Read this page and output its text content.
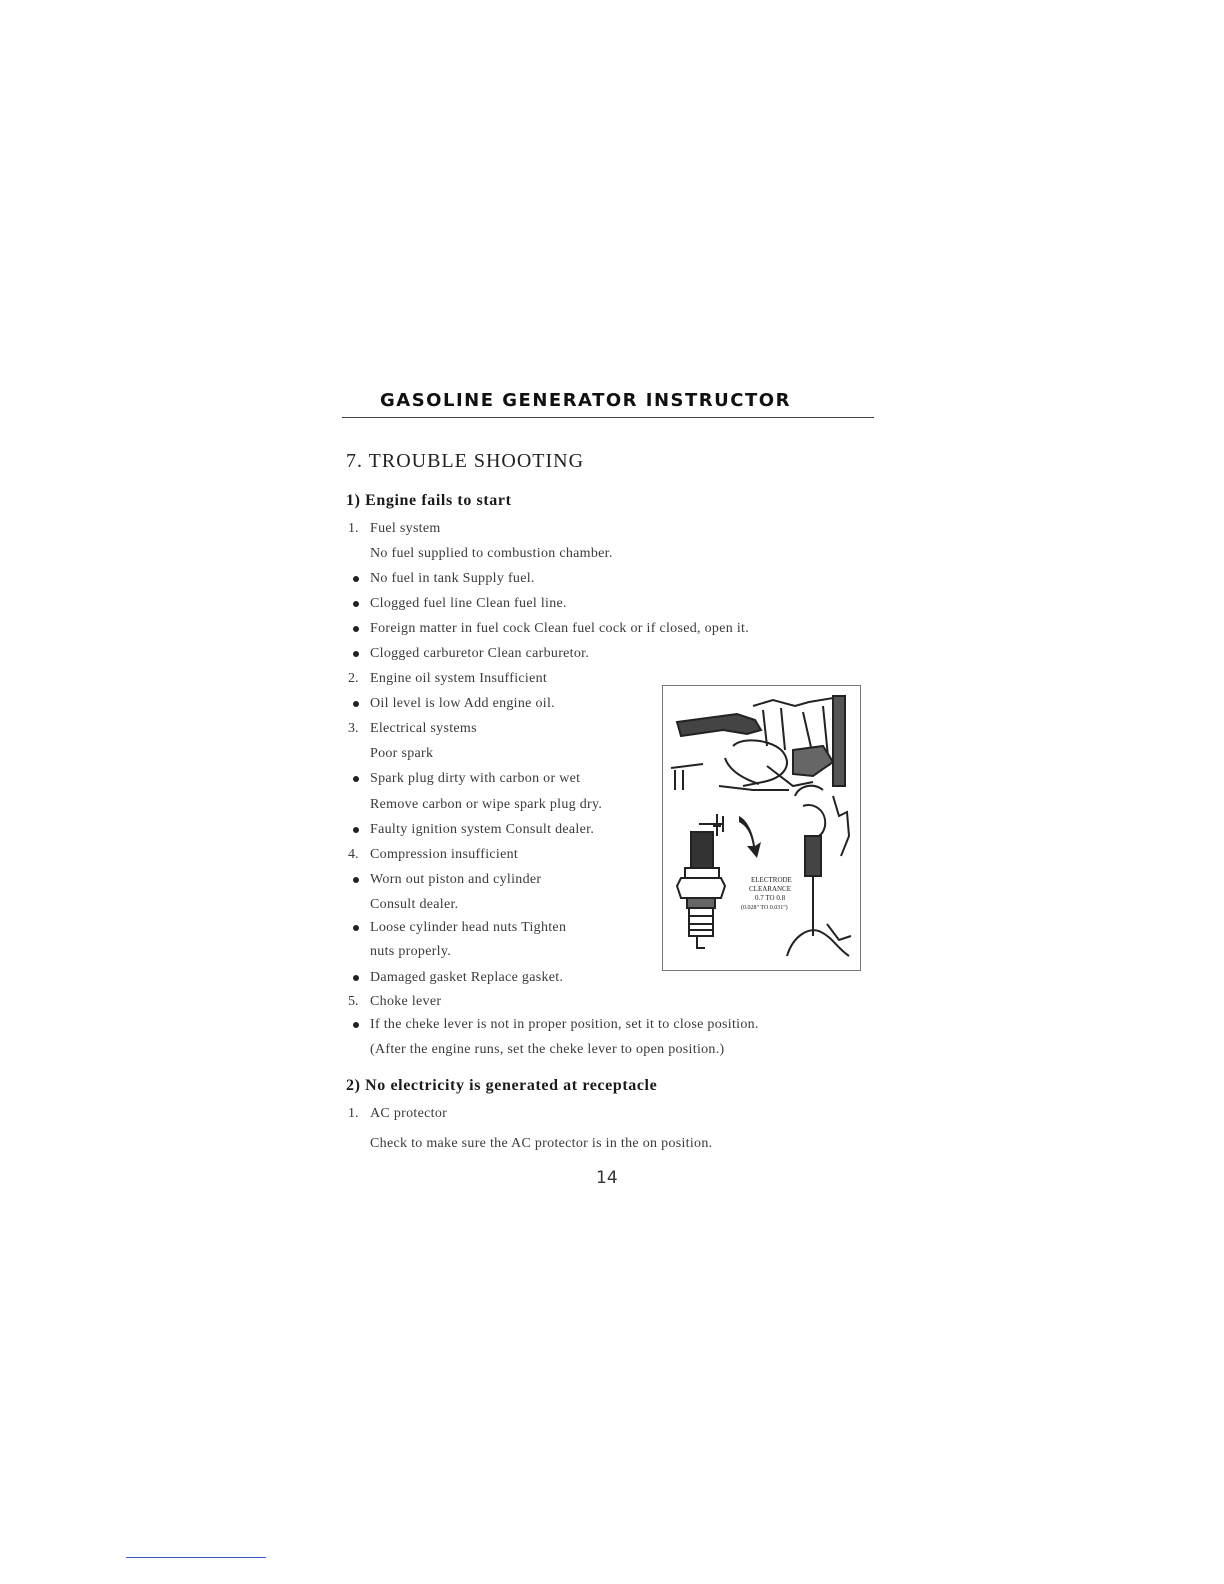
GASOLINE GENERATOR INSTRUCTOR
7. TROUBLE SHOOTING
1) Engine fails to start
1. Fuel system
No fuel supplied to combustion chamber.
No fuel in tank Supply fuel.
Clogged fuel line Clean fuel line.
Foreign matter in fuel cock Clean fuel cock or if closed, open it.
Clogged carburetor Clean carburetor.
2. Engine oil system Insufficient
Oil level is low Add engine oil.
3. Electrical systems
Poor spark
Spark plug dirty with carbon or wet
Remove carbon or wipe spark plug dry.
Faulty ignition system Consult dealer.
4. Compression insufficient
Worn out piston and cylinder
Consult dealer.
Loose cylinder head nuts Tighten
nuts properly.
Damaged gasket Replace gasket.
5. Choke lever
If the cheke lever is not in proper position, set it to close position.
(After the engine runs, set the cheke lever to open position.)
2) No electricity is generated at receptacle
1. AC protector
Check to make sure the AC protector is in the on position.
ELECTRODE
CLEARANCE
0.7 TO 0.8
(0.028" TO 0.031")
14
